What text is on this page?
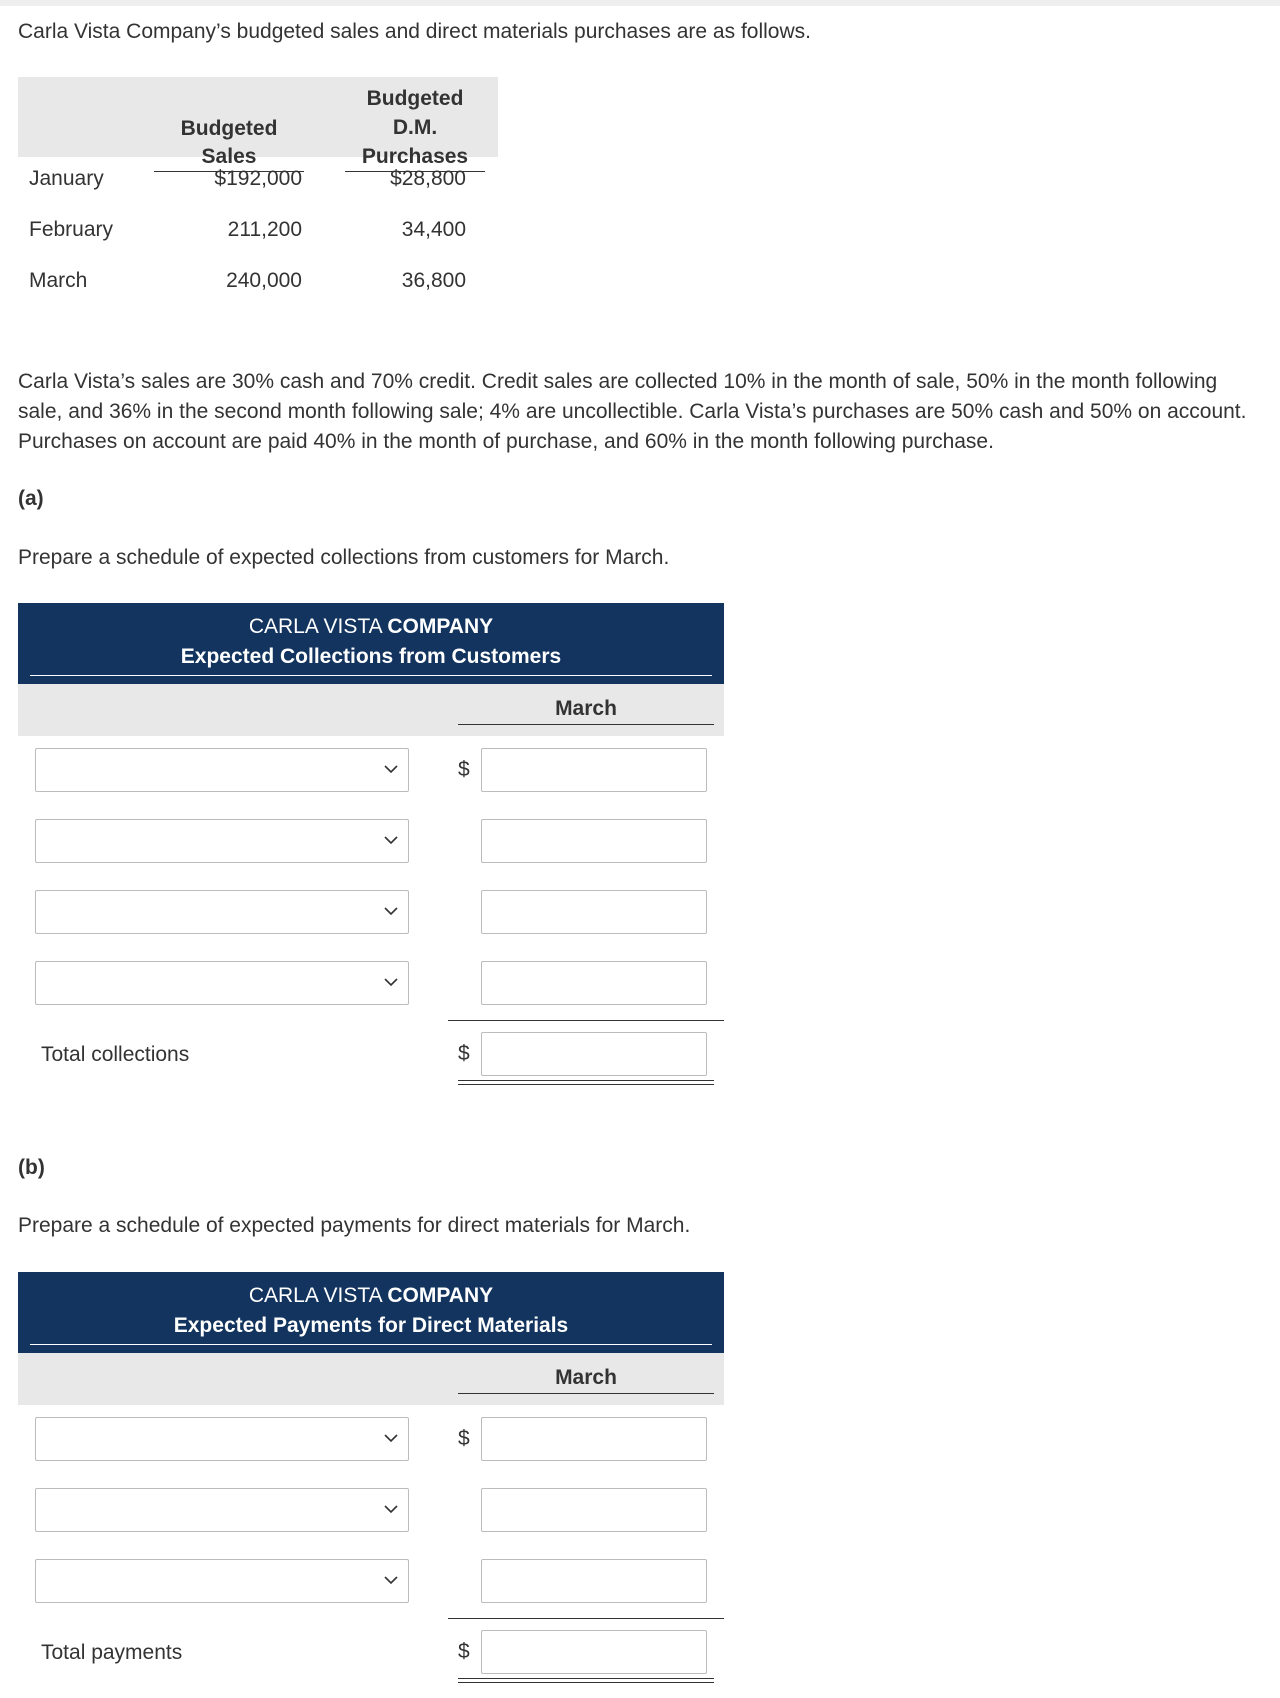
Carla Vista Company’s budgeted sales and direct materials purchases are as follows.

Budgeted Sales
Budgeted D.M.
Purchases
January	$192,000	$28,800
February	211,200	34,400
March	240,000	36,800

Carla Vista’s sales are 30% cash and 70% credit. Credit sales are collected 10% in the month of sale, 50% in the month following sale, and 36% in the second month following sale; 4% are uncollectible. Carla Vista’s purchases are 50% cash and 50% on account. Purchases on account are paid 40% in the month of purchase, and 60% in the month following purchase.

(a)

Prepare a schedule of expected collections from customers for March.

CARLA VISTA COMPANY
Expected Collections from Customers
March
$
Total collections	$

(b)

Prepare a schedule of expected payments for direct materials for March.

CARLA VISTA COMPANY
Expected Payments for Direct Materials
March
$
Total payments	$
